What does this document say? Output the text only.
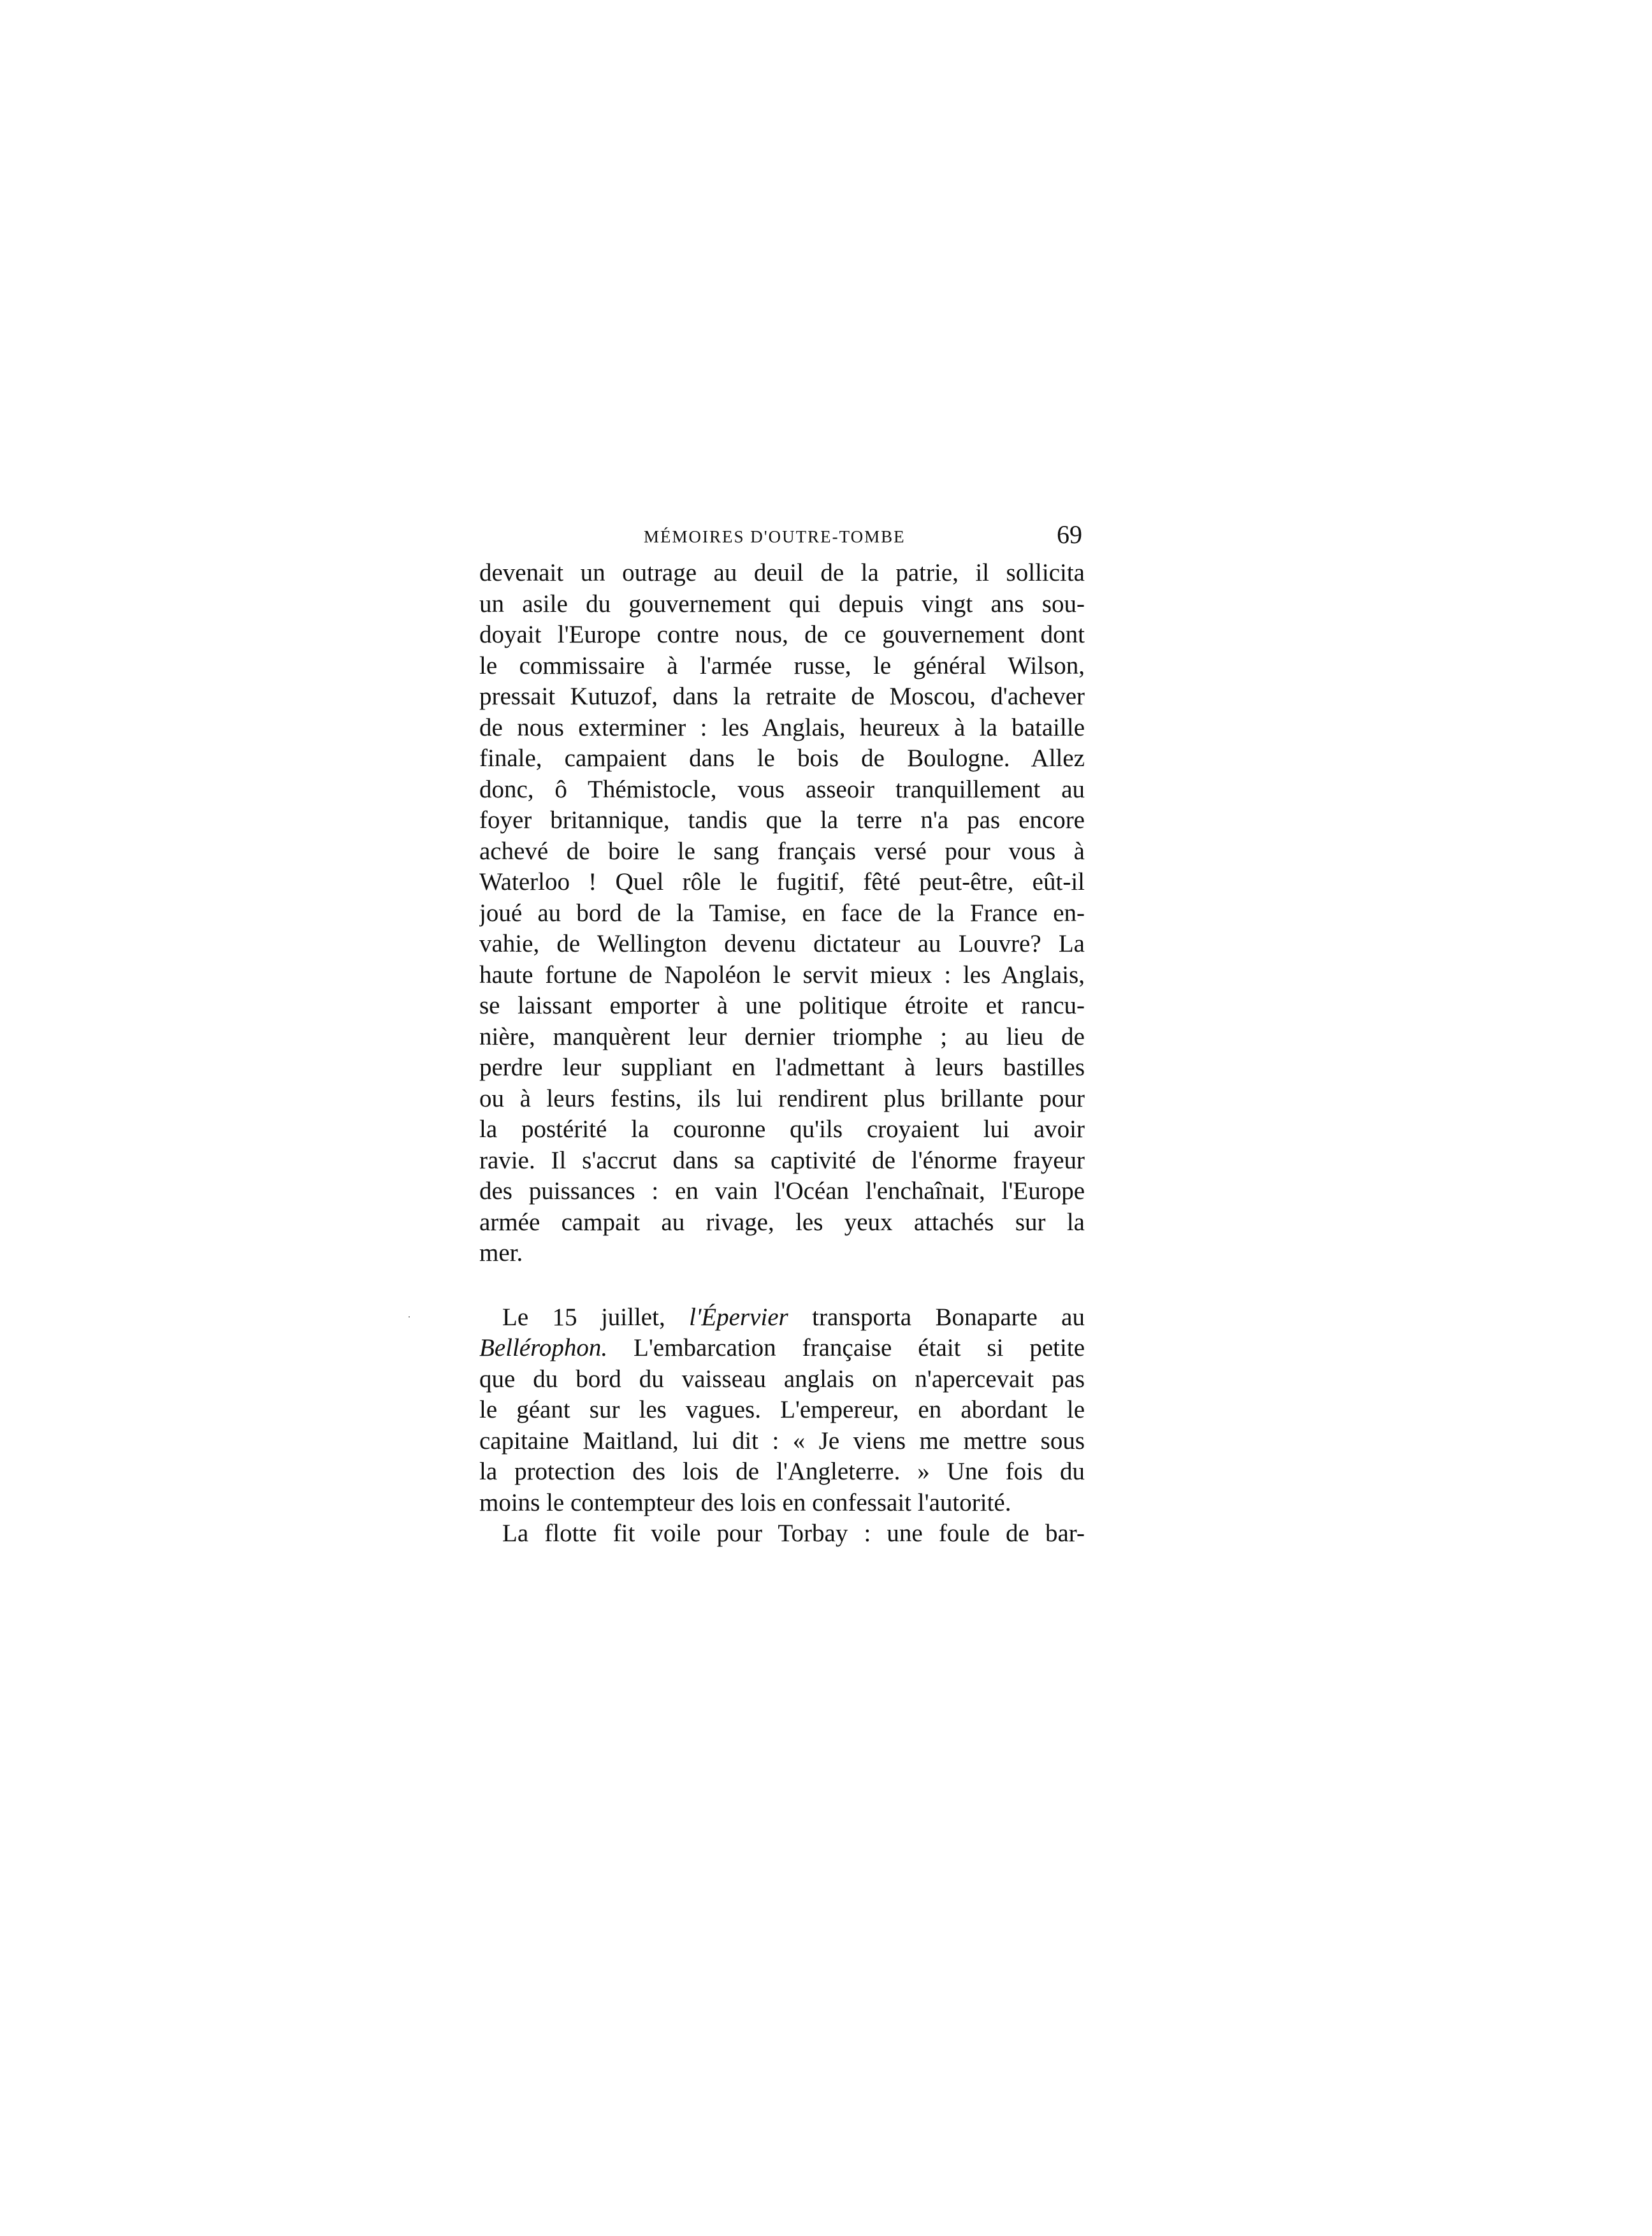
MÉMOIRES D'OUTRE-TOMBE	69
devenait un outrage au deuil de la patrie, il sollicita
un asile du gouvernement qui depuis vingt ans sou-
doyait l'Europe contre nous, de ce gouvernement dont
le commissaire à l'armée russe, le général Wilson,
pressait Kutuzof, dans la retraite de Moscou, d'achever
de nous exterminer : les Anglais, heureux à la bataille
finale, campaient dans le bois de Boulogne. Allez
donc, ô Thémistocle, vous asseoir tranquillement au
foyer britannique, tandis que la terre n'a pas encore
achevé de boire le sang français versé pour vous à
Waterloo ! Quel rôle le fugitif, fêté peut-être, eût-il
joué au bord de la Tamise, en face de la France en-
vahie, de Wellington devenu dictateur au Louvre? La
haute fortune de Napoléon le servit mieux : les Anglais,
se laissant emporter à une politique étroite et rancu-
nière, manquèrent leur dernier triomphe ; au lieu de
perdre leur suppliant en l'admettant à leurs bastilles
ou à leurs festins, ils lui rendirent plus brillante pour
la postérité la couronne qu'ils croyaient lui avoir
ravie. Il s'accrut dans sa captivité de l'énorme frayeur
des puissances : en vain l'Océan l'enchaînait, l'Europe
armée campait au rivage, les yeux attachés sur la
mer.
Le 15 juillet, l'Épervier transporta Bonaparte au
Bellérophon. L'embarcation française était si petite
que du bord du vaisseau anglais on n'apercevait pas
le géant sur les vagues. L'empereur, en abordant le
capitaine Maitland, lui dit : « Je viens me mettre sous
la protection des lois de l'Angleterre. » Une fois du
moins le contempteur des lois en confessait l'autorité.
La flotte fit voile pour Torbay : une foule de bar-
